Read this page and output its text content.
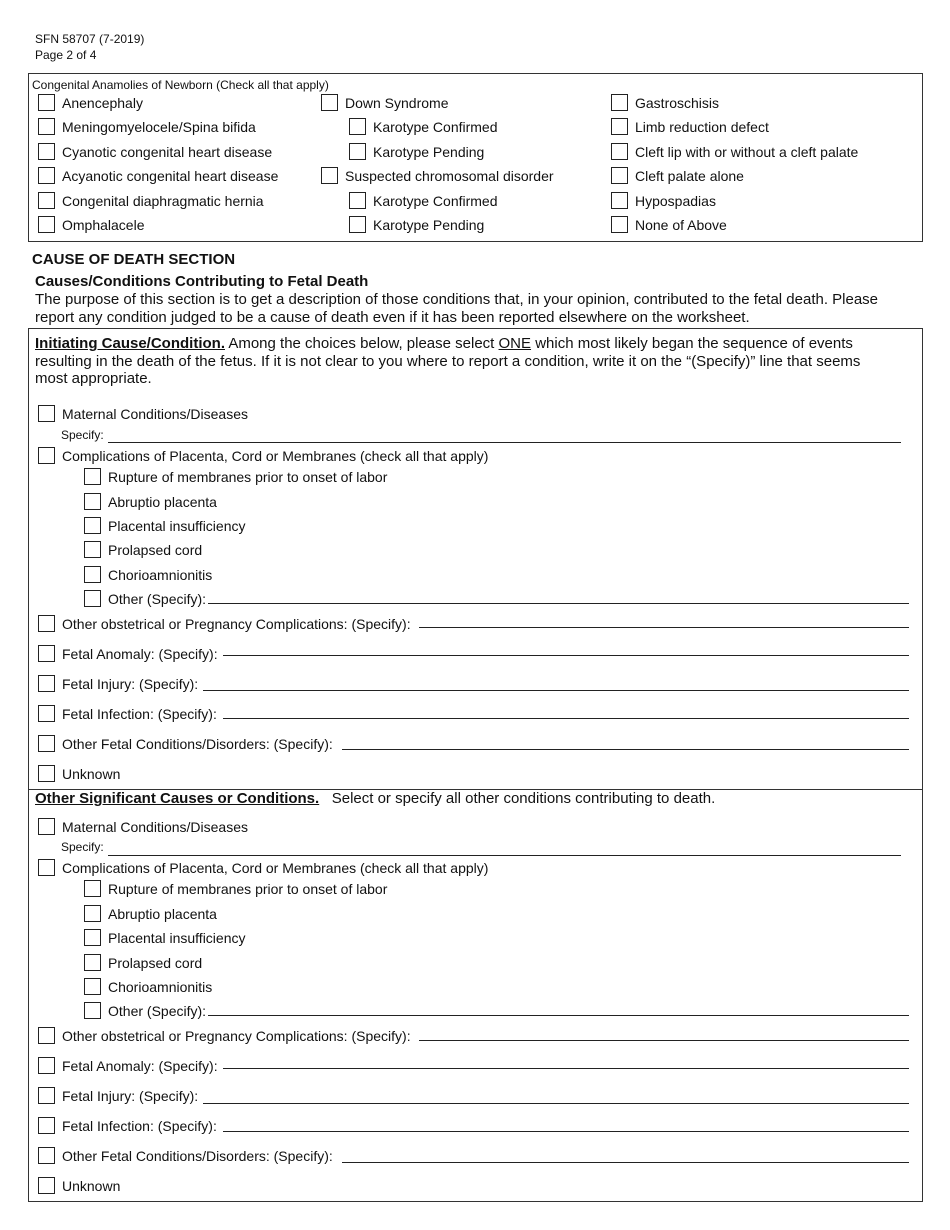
SFN 58707 (7-2019)
Page 2 of 4
Congenital Anamolies of Newborn (Check all that apply)
Anencephaly
Meningomyelocele/Spina bifida
Cyanotic congenital heart disease
Acyanotic congenital heart disease
Congenital diaphragmatic hernia
Omphalacele
Down Syndrome
Karotype Confirmed
Karotype Pending
Suspected chromosomal disorder
Karotype Confirmed
Karotype Pending
Gastroschisis
Limb reduction defect
Cleft lip with or without a cleft palate
Cleft palate alone
Hypospadias
None of Above
CAUSE OF DEATH SECTION
Causes/Conditions Contributing to Fetal Death
The purpose of this section is to get a description of those conditions that, in your opinion, contributed to the fetal death. Please
report any condition judged to be a cause of death even if it has been reported elsewhere on the worksheet.
Initiating Cause/Condition. Among the choices below, please select ONE which most likely began the sequence of events
resulting in the death of the fetus. If it is not clear to you where to report a condition, write it on the “(Specify)” line that seems
most appropriate.
Maternal Conditions/Diseases
Specify:
Complications of Placenta, Cord or Membranes (check all that apply)
Rupture of membranes prior to onset of labor
Abruptio placenta
Placental insufficiency
Prolapsed cord
Chorioamnionitis
Other (Specify):
Other obstetrical or Pregnancy Complications: (Specify):
Fetal Anomaly: (Specify):
Fetal Injury: (Specify):
Fetal Infection: (Specify):
Other Fetal Conditions/Disorders: (Specify):
Unknown
Other Significant Causes or Conditions. Select or specify all other conditions contributing to death.
Maternal Conditions/Diseases
Specify:
Complications of Placenta, Cord or Membranes (check all that apply)
Rupture of membranes prior to onset of labor
Abruptio placenta
Placental insufficiency
Prolapsed cord
Chorioamnionitis
Other (Specify):
Other obstetrical or Pregnancy Complications: (Specify):
Fetal Anomaly: (Specify):
Fetal Injury: (Specify):
Fetal Infection: (Specify):
Other Fetal Conditions/Disorders: (Specify):
Unknown
